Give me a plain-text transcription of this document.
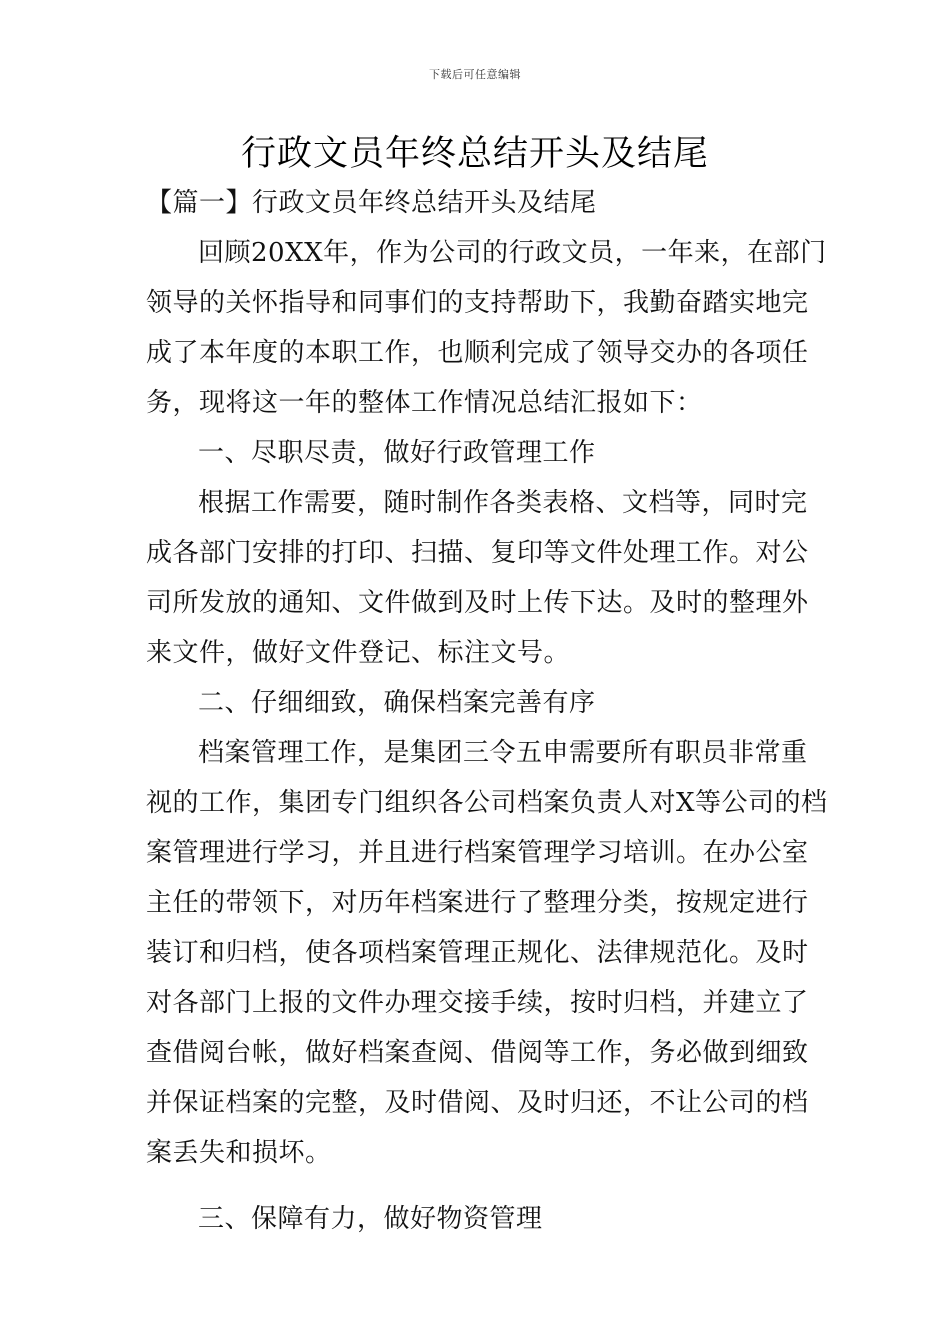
下载后可任意编辑
行政文员年终总结开头及结尾
【篇一】行政文员年终总结开头及结尾
回顾20XX年，作为公司的行政文员，一年来，在部门
领导的关怀指导和同事们的支持帮助下，我勤奋踏实地完
成了本年度的本职工作，也顺利完成了领导交办的各项任
务，现将这一年的整体工作情况总结汇报如下：
一、尽职尽责，做好行政管理工作
根据工作需要，随时制作各类表格、文档等，同时完
成各部门安排的打印、扫描、复印等文件处理工作。对公
司所发放的通知、文件做到及时上传下达。及时的整理外
来文件，做好文件登记、标注文号。
二、仔细细致，确保档案完善有序
档案管理工作，是集团三令五申需要所有职员非常重
视的工作，集团专门组织各公司档案负责人对X等公司的档
案管理进行学习，并且进行档案管理学习培训。在办公室
主任的带领下，对历年档案进行了整理分类，按规定进行
装订和归档，使各项档案管理正规化、法律规范化。及时
对各部门上报的文件办理交接手续，按时归档，并建立了
查借阅台帐，做好档案查阅、借阅等工作，务必做到细致
并保证档案的完整，及时借阅、及时归还，不让公司的档
案丢失和损坏。
三、保障有力，做好物资管理
